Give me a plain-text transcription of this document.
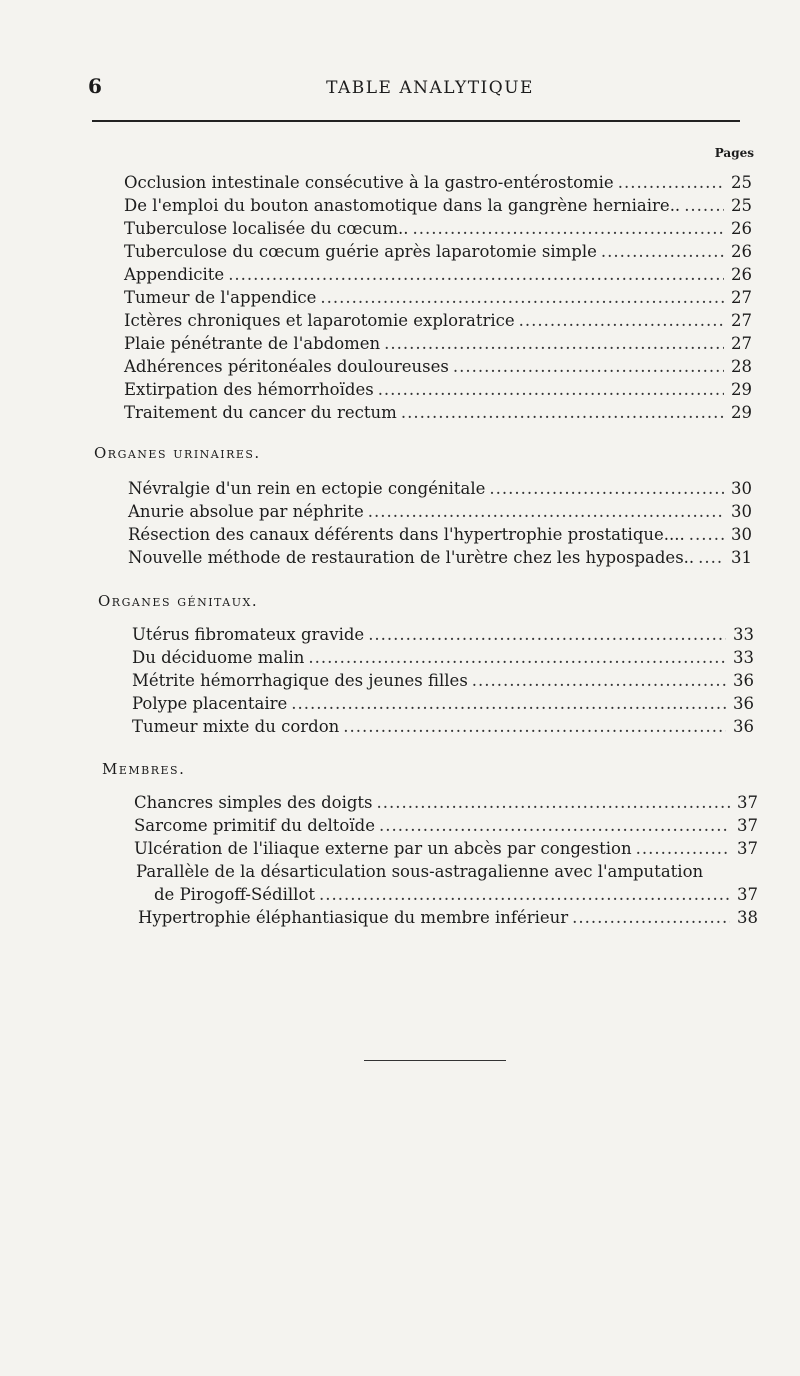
6	TABLE ANALYTIQUE
Pages
Occlusion intestinale consécutive à la gastro-entérostomie .....	25
De l'emploi du bouton anastomotique dans la gangrène herniaire.. .....	25
Tuberculose localisée du cœcum.. .....	26
Tuberculose du cœcum guérie après laparotomie simple .....	26
Appendicite .....	26
Tumeur de l'appendice .....	27
Ictères chroniques et laparotomie exploratrice .....	27
Plaie pénétrante de l'abdomen .....	27
Adhérences péritonéales douloureuses .....	28
Extirpation des hémorrhoïdes .....	29
Traitement du cancer du rectum .....	29
Organes urinaires.
Névralgie d'un rein en ectopie congénitale .....	30
Anurie absolue par néphrite .....	30
Résection des canaux déférents dans l'hypertrophie prostatique.... .....	30
Nouvelle méthode de restauration de l'urètre chez les hypospades.. ..... 31
Organes génitaux.
Utérus fibromateux gravide .....	33
Du déciduome malin .....	33
Métrite hémorrhagique des jeunes filles .....	36
Polype placentaire .....	36
Tumeur mixte du cordon .....	36
Membres.
Chancres simples des doigts .....	37
Sarcome primitif du deltoïde .....	37
Ulcération de l'iliaque externe par un abcès par congestion .....	37
Parallèle de la désarticulation sous-astragalienne avec l'amputation
de Pirogoff-Sédillot .....	37
Hypertrophie éléphantiasique du membre inférieur .....	38
